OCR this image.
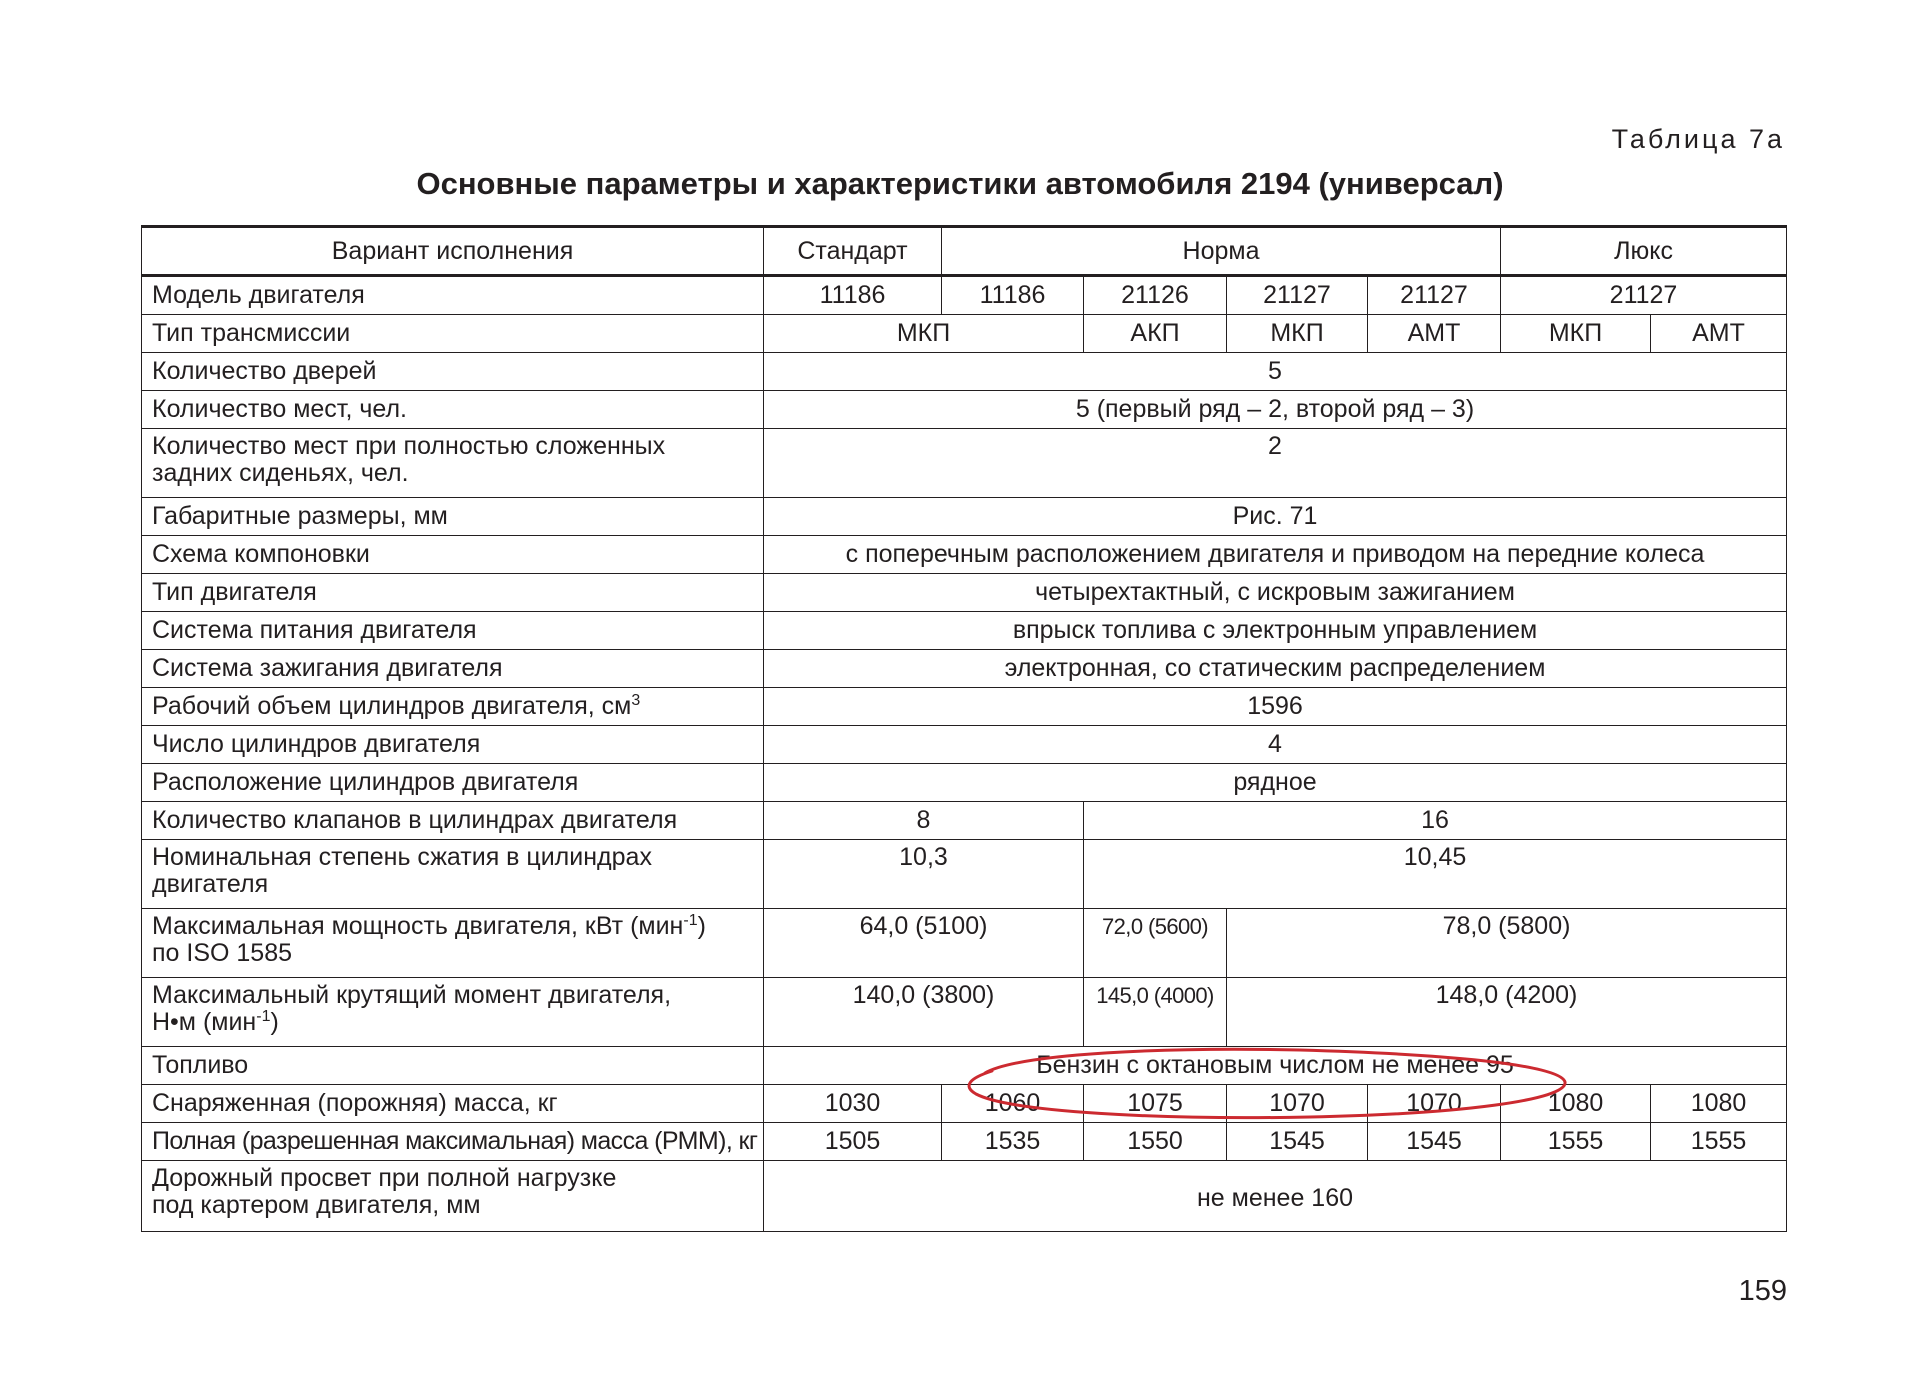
Таблица 7а
Основные параметры и характеристики автомобиля 2194 (универсал)
Вариант исполнения	Стандарт	Норма				Люкс	
Модель двигателя	11186	11186	21126	21127	21127	21127	
Тип трансмиссии	МКП		АКП	МКП	АМТ	МКП	АМТ
Количество дверей	5						
Количество мест, чел.	5 (первый ряд – 2, второй ряд – 3)						
Количество мест при полностью сложенных
задних сиденьях, чел.	2						
Габаритные размеры, мм	Рис. 71						
Схема компоновки	с поперечным расположением двигателя и приводом на передние колеса						
Тип двигателя	четырехтактный, с искровым зажиганием						
Система питания двигателя	впрыск топлива с электронным управлением						
Система зажигания двигателя	электронная, со статическим распределением						
Рабочий объем цилиндров двигателя, $см^3$	1596						
Число цилиндров двигателя	4						
Расположение цилиндров двигателя	рядное						
Количество клапанов в цилиндрах двигателя	8		16				
Номинальная степень сжатия в цилиндрах
двигателя	10,3		10,45				
Максимальная мощность двигателя, кВт (мин$^{-1}$)
по ISO 1585	64,0 (5100)		72,0 (5600)	78,0 (5800)			
Максимальный крутящий момент двигателя,
Н•м (мин$^{-1}$)	140,0 (3800)		145,0 (4000)	148,0 (4200)			
Топливо	Бензин с октановым числом не менее 95						
Снаряженная (порожняя) масса, кг	1030	1060	1075	1070	1070	1080	1080
Полная (разрешенная максимальная) масса (РММ), кг	1505	1535	1550	1545	1545	1555	1555
Дорожный просвет при полной нагрузке
под картером двигателя, мм	не менее 160						
159
